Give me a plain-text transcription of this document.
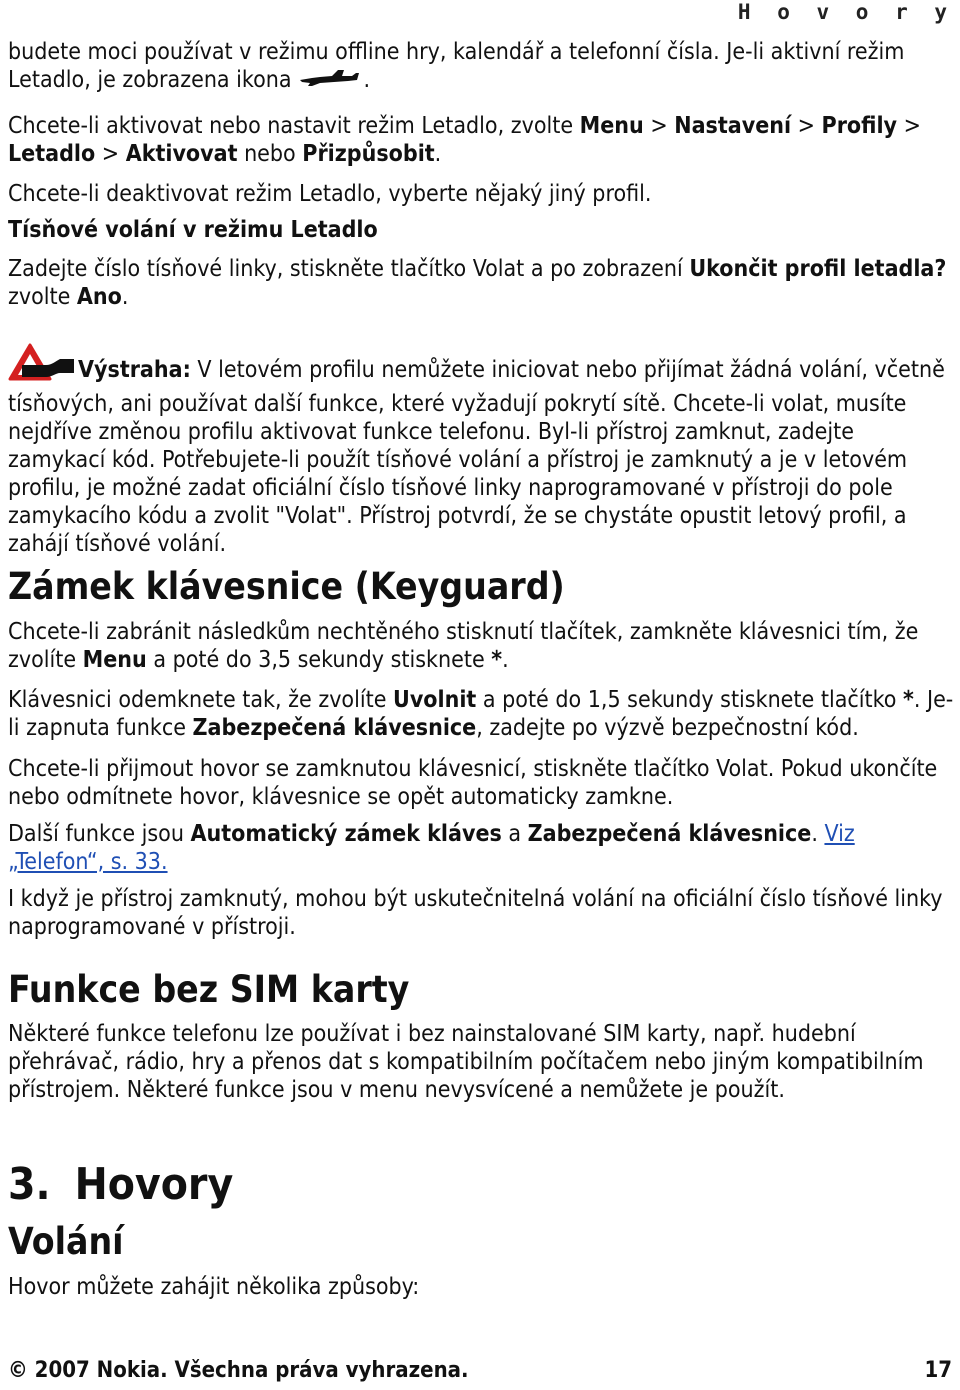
H o v o r y

budete moci používat v režimu offline hry, kalendář a telefonní čísla. Je-li aktivní režim Letadlo, je zobrazena ikona	.

Chcete-li aktivovat nebo nastavit režim Letadlo, zvolte Menu > Nastavení > Profily > Letadlo > Aktivovat nebo Přizpůsobit.

Chcete-li deaktivovat režim Letadlo, vyberte nějaký jiný profil.

Tísňové volání v režimu Letadlo

Zadejte číslo tísňové linky, stiskněte tlačítko Volat a po zobrazení Ukončit profil letadla? zvolte Ano.

Výstraha: V letovém profilu nemůžete iniciovat nebo přijímat žádná volání, včetně tísňových, ani používat další funkce, které vyžadují pokrytí sítě. Chcete-li volat, musíte nejdříve změnou profilu aktivovat funkce telefonu. Byl-li přístroj zamknut, zadejte zamykací kód. Potřebujete-li použít tísňové volání a přístroj je zamknutý a je v letovém profilu, je možné zadat oficiální číslo tísňové linky naprogramované v přístroji do pole zamykacího kódu a zvolit "Volat". Přístroj potvrdí, že se chystáte opustit letový profil, a zahájí tísňové volání.

Zámek klávesnice (Keyguard)

Chcete-li zabránit následkům nechtěného stisknutí tlačítek, zamkněte klávesnici tím, že zvolíte Menu a poté do 3,5 sekundy stisknete *.

Klávesnici odemknete tak, že zvolíte Uvolnit a poté do 1,5 sekundy stisknete tlačítko *. Je-li zapnuta funkce Zabezpečená klávesnice, zadejte po výzvě bezpečnostní kód.

Chcete-li přijmout hovor se zamknutou klávesnicí, stiskněte tlačítko Volat. Pokud ukončíte nebo odmítnete hovor, klávesnice se opět automaticky zamkne.

Další funkce jsou Automatický zámek kláves a Zabezpečená klávesnice. Viz „Telefon“, s. 33.

I když je přístroj zamknutý, mohou být uskutečnitelná volání na oficiální číslo tísňové linky naprogramované v přístroji.

Funkce bez SIM karty

Některé funkce telefonu lze používat i bez nainstalované SIM karty, např. hudební přehrávač, rádio, hry a přenos dat s kompatibilním počítačem nebo jiným kompatibilním přístrojem. Některé funkce jsou v menu nevysvícené a nemůžete je použít.

3. Hovory
Volání

Hovor můžete zahájit několika způsoby:

© 2007 Nokia. Všechna práva vyhrazena.	17
